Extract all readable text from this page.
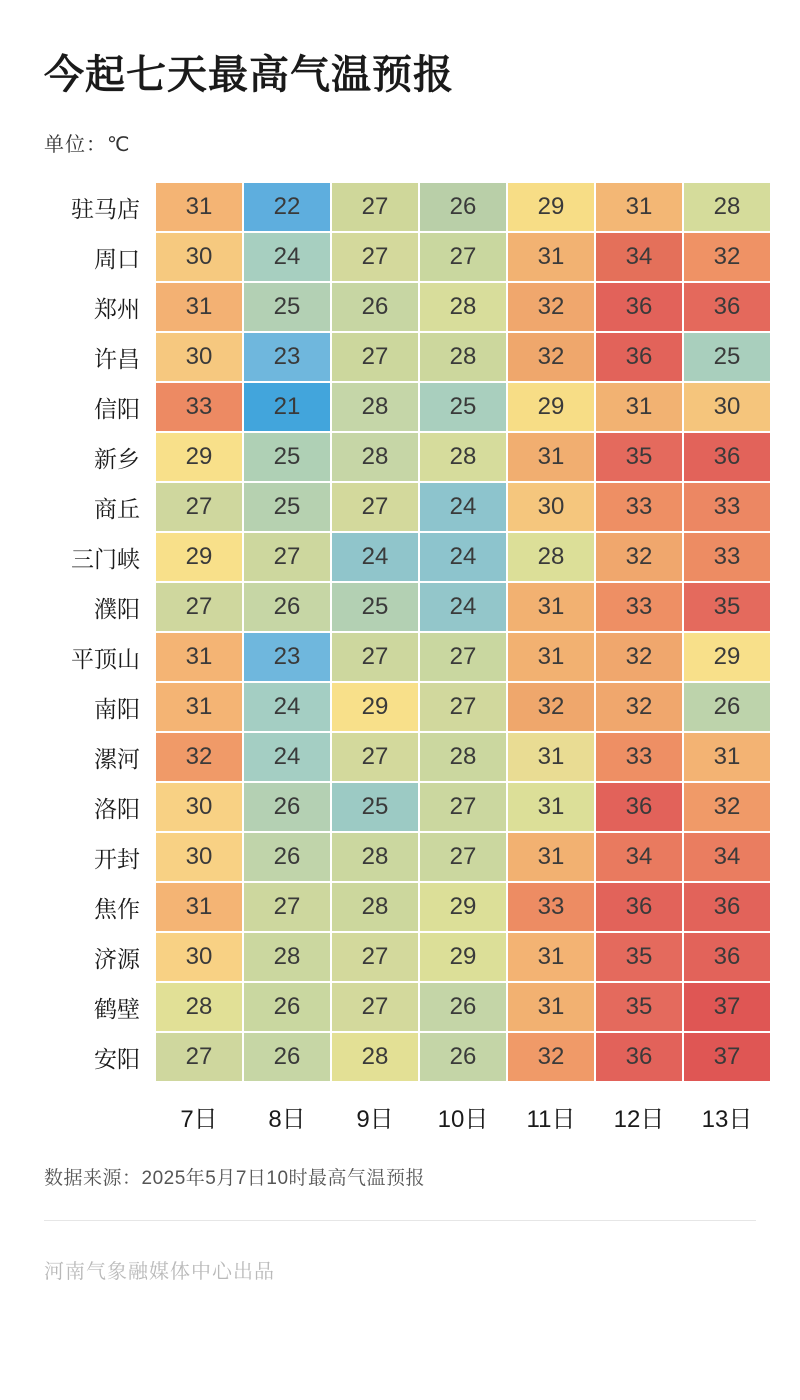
今起七天最高气温预报
单位：℃
驻马店	31	22	27	26	29	31	28
周口	30	24	27	27	31	34	32
郑州	31	25	26	28	32	36	36
许昌	30	23	27	28	32	36	25
信阳	33	21	28	25	29	31	30
新乡	29	25	28	28	31	35	36
商丘	27	25	27	24	30	33	33
三门峡	29	27	24	24	28	32	33
濮阳	27	26	25	24	31	33	35
平顶山	31	23	27	27	31	32	29
南阳	31	24	29	27	32	32	26
漯河	32	24	27	28	31	33	31
洛阳	30	26	25	27	31	36	32
开封	30	26	28	27	31	34	34
焦作	31	27	28	29	33	36	36
济源	30	28	27	29	31	35	36
鹤壁	28	26	27	26	31	35	37
安阳	27	26	28	26	32	36	37
	7日	8日	9日	10日	11日	12日	13日
数据来源：2025年5月7日10时最高气温预报
河南气象融媒体中心出品
